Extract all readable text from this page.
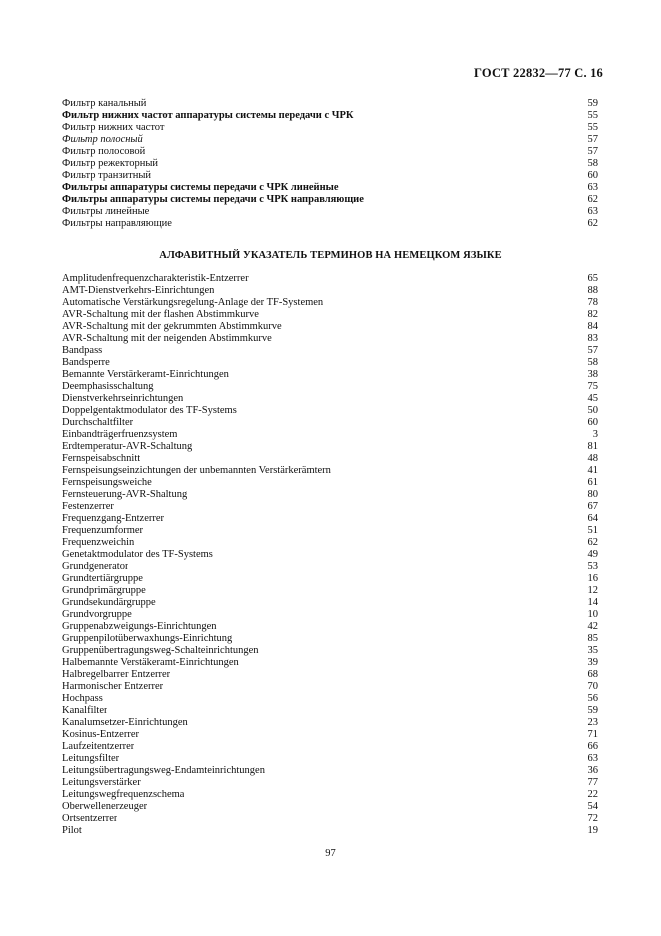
ГОСТ 22832—77 С. 16
Фильтр канальный	59
Фильтр нижних частот аппаратуры системы передачи с ЧРК	55
Фильтр нижних частот	55
Фильтр полосный	57
Фильтр полосовой	57
Фильтр режекторный	58
Фильтр транзитный	60
Фильтры аппаратуры системы передачи с ЧРК линейные	63
Фильтры аппаратуры системы передачи с ЧРК направляющие	62
Фильтры линейные	63
Фильтры направляющие	62
АЛФАВИТНЫЙ УКАЗАТЕЛЬ ТЕРМИНОВ НА НЕМЕЦКОМ ЯЗЫКЕ
Amplitudenfrequenzcharakteristik-Entzerrer	65
AMT-Dienstverkehrs-Einrichtungen	88
Automatische Verstärkungsregelung-Anlage der TF-Systemen	78
AVR-Schaltung mit der flashen Abstimmkurve	82
AVR-Schaltung mit der gekrummten Abstimmkurve	84
AVR-Schaltung mit der neigenden Abstimmkurve	83
Bandpass	57
Bandsperre	58
Bemannte Verstärkeramt-Einrichtungen	38
Deemphasisschaltung	75
Dienstverkehrseinrichtungen	45
Doppelgentaktmodulator des TF-Systems	50
Durchschaltfilter	60
Einbandträgerfruenzsystem	3
Erdtemperatur-AVR-Schaltung	81
Fernspeisabschnitt	48
Fernspeisungseinzichtungen der unbemannten Verstärkerämtern	41
Fernspeisungsweiche	61
Fernsteuerung-AVR-Shaltung	80
Festenzerrer	67
Frequenzgang-Entzerrer	64
Frequenzumformer	51
Frequenzweichin	62
Genetaktmodulator des TF-Systems	49
Grundgenerator	53
Grundtertiärgruppe	16
Grundprimärgruppe	12
Grundsekundärgruppe	14
Grundvorgruppe	10
Gruppenabzweigungs-Einrichtungen	42
Gruppenpilotüberwaxhungs-Einrichtung	85
Gruppenübertragungsweg-Schalteinrichtungen	35
Halbemannte Verstäkeramt-Einrichtungen	39
Halbregelbarrer Entzerrer	68
Harmonischer Entzerrer	70
Hochpass	56
Kanalfilter	59
Kanalumsetzer-Einrichtungen	23
Kosinus-Entzerrer	71
Laufzeitentzerrer	66
Leitungsfilter	63
Leitungsübertragungsweg-Endamteinrichtungen	36
Leitungsverstärker	77
Leitungswegfrequenzschema	22
Oberwellenerzeuger	54
Ortsentzerrer	72
Pilot	19
97
